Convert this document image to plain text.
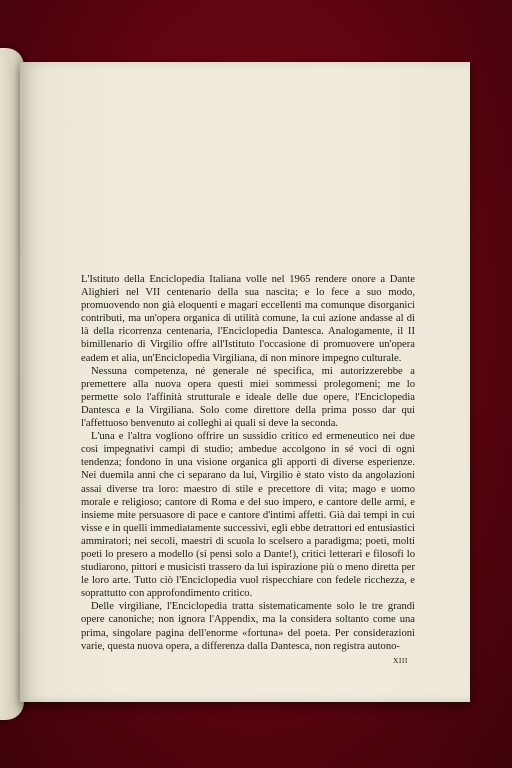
L'Istituto della Enciclopedia Italiana volle nel 1965 rendere onore a Dante Alighieri nel VII centenario della sua nascita; e lo fece a suo modo, promuovendo non già eloquenti e magari eccellenti ma comunque disorganici contributi, ma un'opera organica di utilità comune, la cui azione andasse al di là della ricorrenza centenaria, l'Enciclopedia Dantesca. Analogamente, il II bimillenario di Virgilio offre all'Istituto l'occasione di promuovere un'opera eadem et alia, un'Enciclopedia Virgiliana, di non minore impegno culturale.

Nessuna competenza, né generale né specifica, mi autorizzerebbe a premettere alla nuova opera questi miei sommessi prolegomeni; me lo permette solo l'affinità strutturale e ideale delle due opere, l'Enciclopedia Dantesca e la Virgiliana. Solo come direttore della prima posso dar qui l'affettuoso benvenuto ai colleghi ai quali si deve la seconda.

L'una e l'altra vogliono offrire un sussidio critico ed ermeneutico nei due così impegnativi campi di studio; ambedue accolgono in sé voci di ogni tendenza; fondono in una visione organica gli apporti di diverse esperienze. Nei duemila anni che ci separano da lui, Virgilio è stato visto da angolazioni assai diverse tra loro: maestro di stile e precettore di vita; mago e uomo morale e religioso; cantore di Roma e del suo impero, e cantore delle armi, e insieme mite persuasore di pace e cantore d'intimi affetti. Già dai tempi in cui visse e in quelli immediatamente successivi, egli ebbe detrattori ed entusiastici ammiratori; nei secoli, maestri di scuola lo scelsero a paradigma; poeti, molti poeti lo presero a modello (si pensi solo a Dante!), critici letterari e filosofi lo studiarono, pittori e musicisti trassero da lui ispirazione più o meno diretta per le loro arte. Tutto ciò l'Enciclopedia vuol rispecchiare con fedele ricchezza, e soprattutto con approfondimento critico.

Delle virgiliane, l'Enciclopedia tratta sistematicamente solo le tre grandi opere canoniche; non ignora l'Appendix, ma la considera soltanto come una prima, singolare pagina dell'enorme «fortuna» del poeta. Per considerazioni varie, questa nuova opera, a differenza dalla Dantesca, non registra autono-

XIII
